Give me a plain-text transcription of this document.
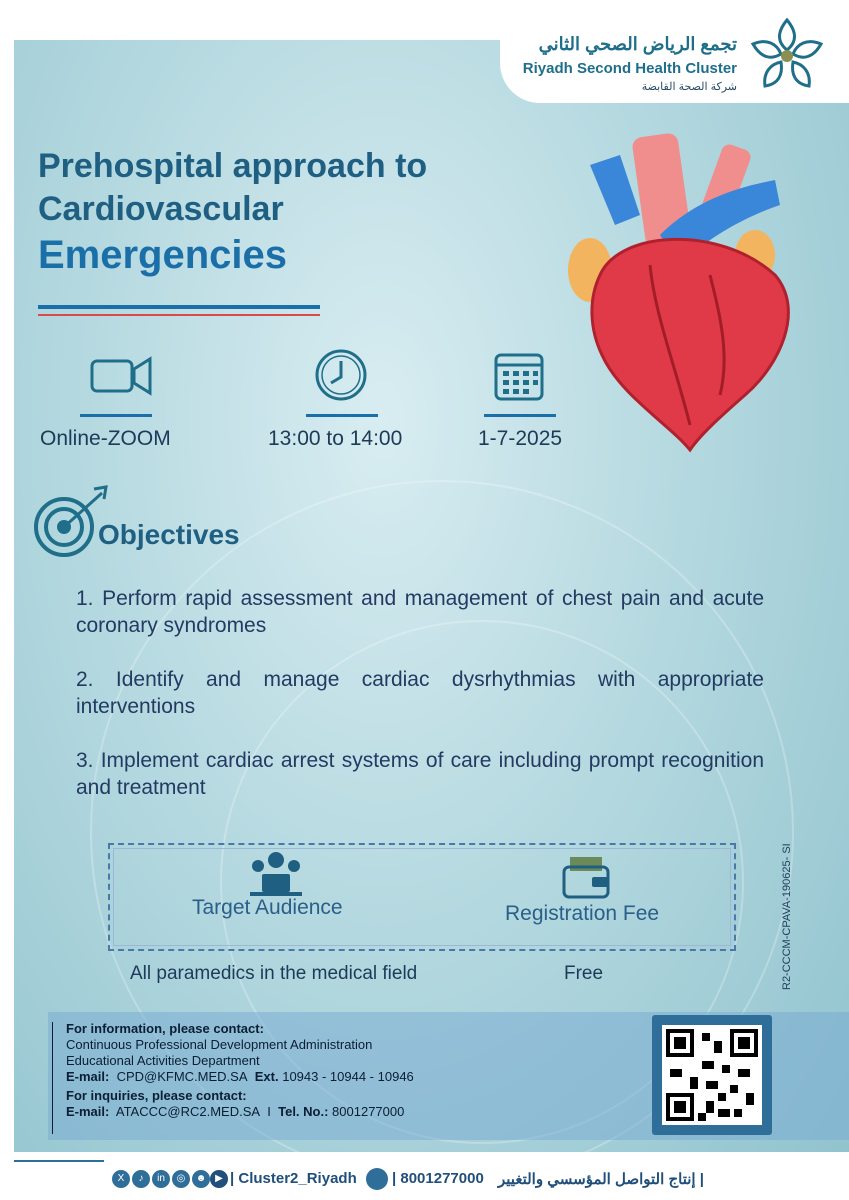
تجمع الرياض الصحي الثاني
Riyadh Second Health Cluster
شركة الصحة القابضة
Prehospital approach to
Cardiovascular
Emergencies
Online-ZOOM	13:00 to 14:00	1-7-2025
Objectives
1. Perform rapid assessment and management of chest pain and acute coronary syndromes
2. Identify and manage cardiac dysrhythmias with appropriate interventions
3. Implement cardiac arrest systems of care including prompt recognition and treatment
Target Audience	Registration Fee
All paramedics in the medical field	Free	R2-CCCM-CPAVA-190625- SI
For information, please contact:
Continuous Professional Development Administration
Educational Activities Department
E-mail: CPD@KFMC.MED.SA Ext. 10943 - 10944 - 10946
For inquiries, please contact:
E-mail: ATACCC@RC2.MED.SA  I  Tel. No.: 8001277000
X	♪	in	◎	☻ ▶ | Cluster2_Riyadh | 8001277000 | إنتاج التواصل المؤسسي والتغيير
